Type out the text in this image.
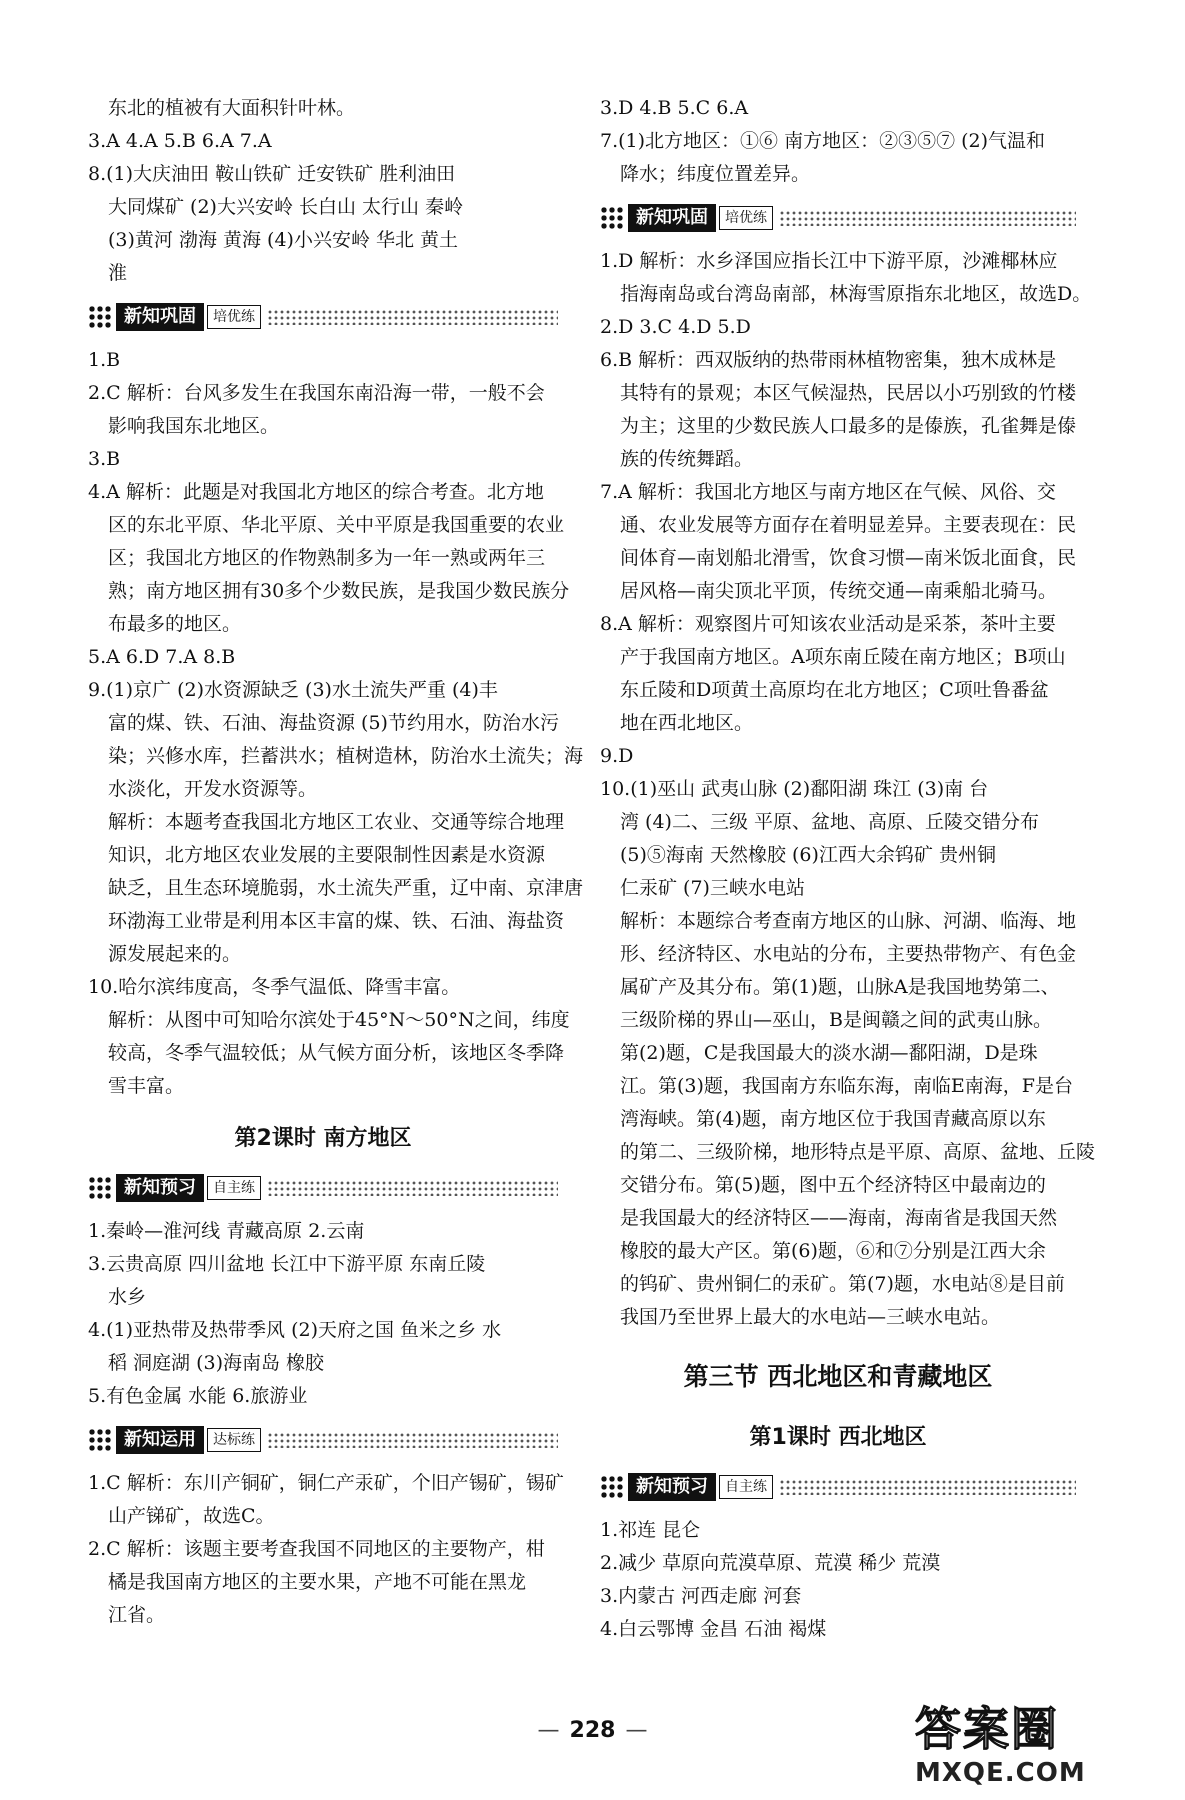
东北的植被有大面积针叶林。
3.A 4.A 5.B 6.A 7.A
8.(1)大庆油田 鞍山铁矿 迁安铁矿 胜利油田
大同煤矿 (2)大兴安岭 长白山 太行山 秦岭
(3)黄河 渤海 黄海 (4)小兴安岭 华北 黄土
淮
新知巩固	培优练
1.B
2.C 解析：台风多发生在我国东南沿海一带，一般不会
影响我国东北地区。
3.B
4.A 解析：此题是对我国北方地区的综合考查。北方地
区的东北平原、华北平原、关中平原是我国重要的农业
区；我国北方地区的作物熟制多为一年一熟或两年三
熟；南方地区拥有30多个少数民族，是我国少数民族分
布最多的地区。
5.A 6.D 7.A 8.B
9.(1)京广 (2)水资源缺乏 (3)水土流失严重 (4)丰
富的煤、铁、石油、海盐资源 (5)节约用水，防治水污
染；兴修水库，拦蓄洪水；植树造林，防治水土流失；海
水淡化，开发水资源等。
解析：本题考查我国北方地区工农业、交通等综合地理
知识，北方地区农业发展的主要限制性因素是水资源
缺乏，且生态环境脆弱，水土流失严重，辽中南、京津唐
环渤海工业带是利用本区丰富的煤、铁、石油、海盐资
源发展起来的。
10.哈尔滨纬度高，冬季气温低、降雪丰富。
解析：从图中可知哈尔滨处于45°N～50°N之间，纬度
较高，冬季气温较低；从气候方面分析，该地区冬季降
雪丰富。
第2课时 南方地区
新知预习	自主练
1.秦岭—淮河线 青藏高原 2.云南
3.云贵高原 四川盆地 长江中下游平原 东南丘陵
水乡
4.(1)亚热带及热带季风 (2)天府之国 鱼米之乡 水
稻 洞庭湖 (3)海南岛 橡胶
5.有色金属 水能 6.旅游业
新知运用	达标练
1.C 解析：东川产铜矿，铜仁产汞矿，个旧产锡矿，锡矿
山产锑矿，故选C。
2.C 解析：该题主要考查我国不同地区的主要物产，柑
橘是我国南方地区的主要水果，产地不可能在黑龙
江省。
3.D 4.B 5.C 6.A
7.(1)北方地区：①⑥ 南方地区：②③⑤⑦ (2)气温和
降水；纬度位置差异。
新知巩固	培优练
1.D 解析：水乡泽国应指长江中下游平原，沙滩椰林应
指海南岛或台湾岛南部，林海雪原指东北地区，故选D。
2.D 3.C 4.D 5.D
6.B 解析：西双版纳的热带雨林植物密集，独木成林是
其特有的景观；本区气候湿热，民居以小巧别致的竹楼
为主；这里的少数民族人口最多的是傣族，孔雀舞是傣
族的传统舞蹈。
7.A 解析：我国北方地区与南方地区在气候、风俗、交
通、农业发展等方面存在着明显差异。主要表现在：民
间体育—南划船北滑雪，饮食习惯—南米饭北面食，民
居风格—南尖顶北平顶，传统交通—南乘船北骑马。
8.A 解析：观察图片可知该农业活动是采茶，茶叶主要
产于我国南方地区。A项东南丘陵在南方地区；B项山
东丘陵和D项黄土高原均在北方地区；C项吐鲁番盆
地在西北地区。
9.D
10.(1)巫山 武夷山脉 (2)鄱阳湖 珠江 (3)南 台
湾 (4)二、三级 平原、盆地、高原、丘陵交错分布
(5)⑤海南 天然橡胶 (6)江西大余钨矿 贵州铜
仁汞矿 (7)三峡水电站
解析：本题综合考查南方地区的山脉、河湖、临海、地
形、经济特区、水电站的分布，主要热带物产、有色金
属矿产及其分布。第(1)题，山脉A是我国地势第二、
三级阶梯的界山—巫山，B是闽赣之间的武夷山脉。
第(2)题，C是我国最大的淡水湖—鄱阳湖，D是珠
江。第(3)题，我国南方东临东海，南临E南海，F是台
湾海峡。第(4)题，南方地区位于我国青藏高原以东
的第二、三级阶梯，地形特点是平原、高原、盆地、丘陵
交错分布。第(5)题，图中五个经济特区中最南边的
是我国最大的经济特区——海南，海南省是我国天然
橡胶的最大产区。第(6)题，⑥和⑦分别是江西大余
的钨矿、贵州铜仁的汞矿。第(7)题，水电站⑧是目前
我国乃至世界上最大的水电站—三峡水电站。
第三节 西北地区和青藏地区
第1课时 西北地区
新知预习	自主练
1.祁连 昆仑
2.减少 草原向荒漠草原、荒漠 稀少 荒漠
3.内蒙古 河西走廊 河套
4.白云鄂博 金昌 石油 褐煤
— 228 —	答案圈
MXQE.COM
